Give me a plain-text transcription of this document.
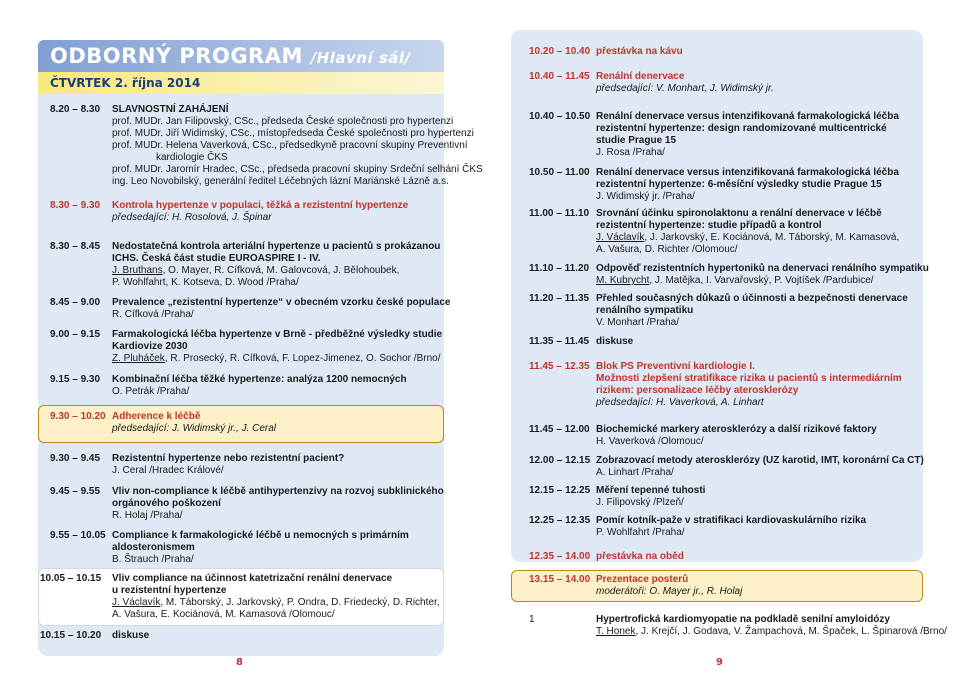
ODBORNÝ PROGRAM /Hlavní sál/
ČTVRTEK 2. října 2014
8.20 – 8.30	SLAVNOSTNÍ ZAHÁJENÍ
prof. MUDr. Jan Filipovský, CSc., předseda České společnosti pro hypertenzi
prof. MUDr. Jiří Widimský, CSc., místopředseda České společnosti pro hypertenzi
prof. MUDr. Helena Vaverková, CSc., předsedkyně pracovní skupiny Preventivní
kardiologie ČKS
prof. MUDr. Jaromír Hradec, CSc., předseda pracovní skupiny Srdeční selhání ČKS
ing. Leo Novobilský, generální ředitel Léčebných lázní Mariánské Lázně a.s.
8.30 – 9.30	Kontrola hypertenze v populaci, těžká a rezistentní hypertenze
předsedající: H. Rosolová, J. Špinar
8.30 – 8.45	Nedostatečná kontrola arteriální hypertenze u pacientů s prokázanou
ICHS. Česká část studie EUROASPIRE I - IV.
J. Bruthans, O. Mayer, R. Cífková, M. Galovcová, J. Bělohoubek,
P. Wohlfahrt, K. Kotseva, D. Wood /Praha/
8.45 – 9.00	Prevalence „rezistentní hypertenze“ v obecném vzorku české populace
R. Cífková /Praha/
9.00 – 9.15	Farmakologická léčba hypertenze v Brně - předběžné výsledky studie
Kardiovize 2030
Z. Pluháček, R. Prosecký, R. Cífková, F. Lopez-Jimenez, O. Sochor /Brno/
9.15 – 9.30	Kombinační léčba těžké hypertenze: analýza 1200 nemocných
O. Petrák /Praha/
9.30 – 10.20 Adherence k léčbě
předsedající: J. Widimský jr., J. Ceral
9.30 – 9.45	Rezistentní hypertenze nebo rezistentní pacient?
J. Ceral /Hradec Králové/
9.45 – 9.55	Vliv non-compliance k léčbě antihypertenzivy na rozvoj subklinického
orgánového poškození
R. Holaj /Praha/
9.55 – 10.05 Compliance k farmakologické léčbě u nemocných s primárním
aldosteronismem
B. Štrauch /Praha/
10.05 – 10.15	Vliv compliance na účinnost katetrizační renální denervace
u rezistentní hypertenze
J. Václavík, M. Táborský, J. Jarkovský, P. Ondra, D. Friedecký, D. Richter,
A. Vašura, E. Kociánová, M. Kamasová /Olomouc/
10.15 – 10.20	diskuse
8
10.20 – 10.40 přestávka na kávu
10.40 – 11.45 Renální denervace
předsedající: V. Monhart, J. Widimský jr.
10.40 – 10.50 Renální denervace versus intenzifikovaná farmakologická léčba
rezistentní hypertenze: design randomizované multicentrické
studie Prague 15
J. Rosa /Praha/
10.50 – 11.00 Renální denervace versus intenzifikovaná farmakologická léčba
rezistentní hypertenze: 6-měsíční výsledky studie Prague 15
J. Widimský jr. /Praha/
11.00 – 11.10 Srovnání účinku spironolaktonu a renální denervace v léčbě
rezistentní hypertenze: studie případů a kontrol
J. Václavík, J. Jarkovský, E. Kociánová, M. Táborský, M. Kamasová,
A. Vašura, D. Richter /Olomouc/
11.10 – 11.20 Odpověď rezistentních hypertoniků na denervaci renálního sympatiku
M. Kubrycht, J. Matějka, I. Varvařovský, P. Vojtíšek /Pardubice/
11.20 – 11.35 Přehled současných důkazů o účinnosti a bezpečnosti denervace
renálního sympatiku
V. Monhart /Praha/
11.35 – 11.45 diskuse
11.45 – 12.35 Blok PS Preventivní kardiologie I.
Možnosti zlepšení stratifikace rizika u pacientů s intermediárním
rizikem: personalizace léčby aterosklerózy
předsedající: H. Vaverková, A. Linhart
11.45 – 12.00 Biochemické markery aterosklerózy a další rizikové faktory
H. Vaverková /Olomouc/
12.00 – 12.15 Zobrazovací metody aterosklerózy (UZ karotid, IMT, koronární Ca CT)
A. Linhart /Praha/
12.15 – 12.25 Měření tepenné tuhosti
J. Filipovský /Plzeň/
12.25 – 12.35 Pomír kotník-paže v stratifikaci kardiovaskulárního rizika
P. Wohlfahrt /Praha/
12.35 – 14.00 přestávka na oběd
13.15 – 14.00 Prezentace posterů
moderátoři: O. Mayer jr., R. Holaj
1	Hypertrofická kardiomyopatie na podkladě senilní amyloidózy
T. Honek, J. Krejčí, J. Godava, V. Žampachová, M. Špaček, L. Špinarová /Brno/
9
